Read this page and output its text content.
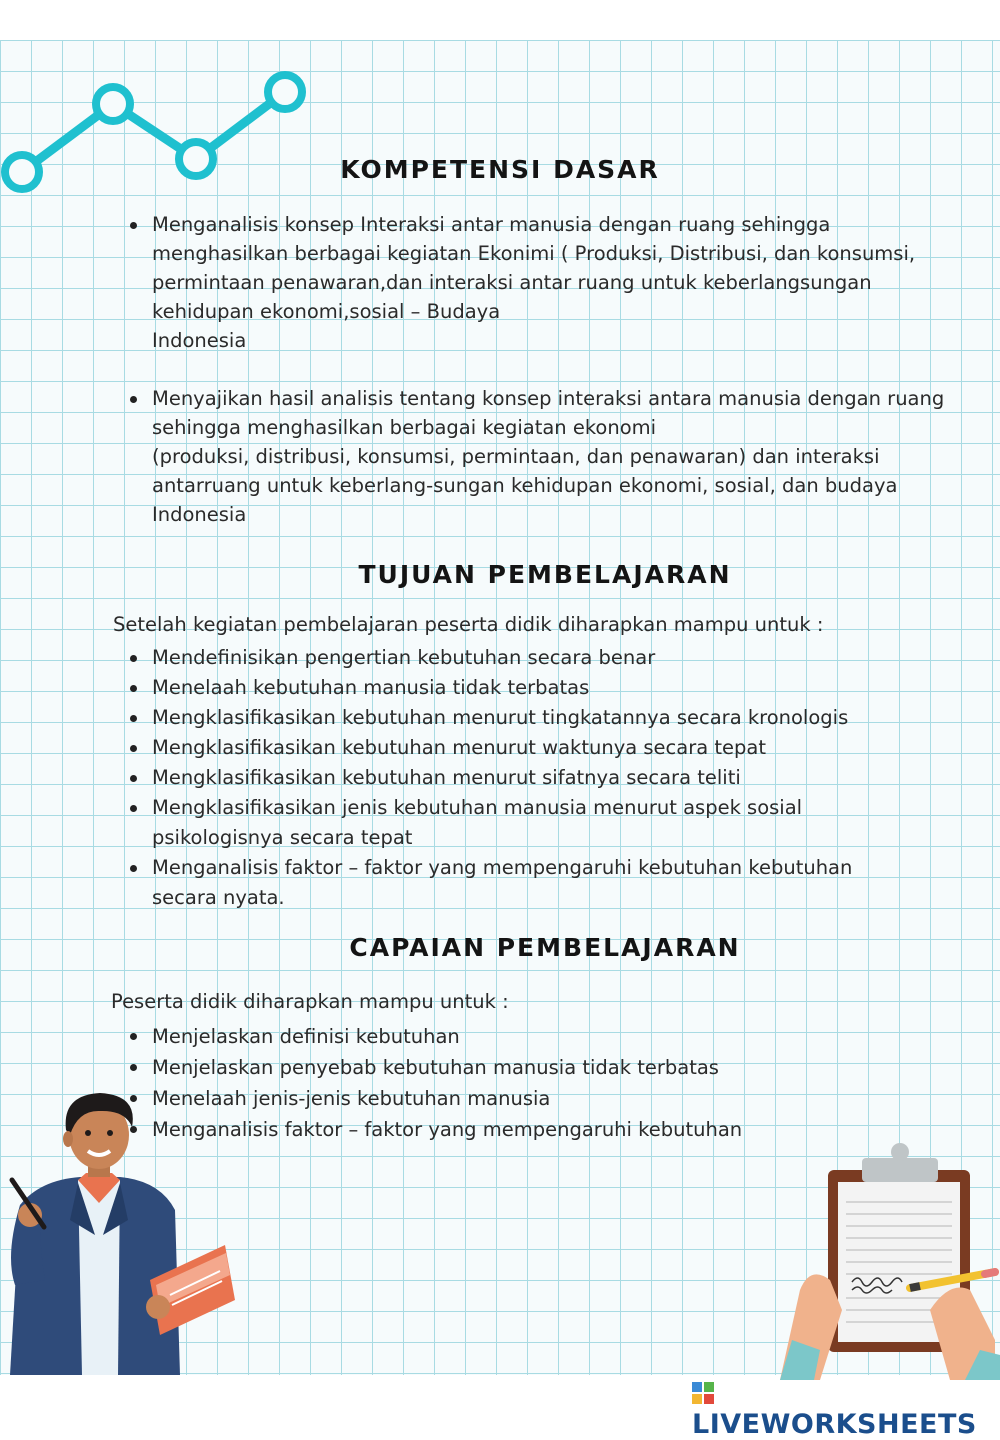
KOMPETENSI DASAR
Menganalisis konsep Interaksi antar manusia dengan ruang sehingga
menghasilkan berbagai kegiatan Ekonimi ( Produksi, Distribusi, dan konsumsi,
permintaan penawaran,dan interaksi antar ruang untuk keberlangsungan
kehidupan ekonomi,sosial – Budaya
Indonesia
Menyajikan hasil analisis tentang konsep interaksi antara manusia dengan ruang
sehingga menghasilkan berbagai kegiatan ekonomi
(produksi, distribusi, konsumsi, permintaan, dan penawaran) dan interaksi
antarruang untuk keberlang-sungan kehidupan ekonomi, sosial, dan budaya
Indonesia
TUJUAN PEMBELAJARAN
Setelah kegiatan pembelajaran peserta didik diharapkan mampu untuk :
Mendefinisikan pengertian kebutuhan secara benar
Menelaah kebutuhan manusia tidak terbatas
Mengklasifikasikan kebutuhan menurut tingkatannya secara kronologis
Mengklasifikasikan kebutuhan menurut waktunya secara tepat
Mengklasifikasikan kebutuhan menurut sifatnya secara teliti
Mengklasifikasikan jenis kebutuhan manusia menurut aspek sosial psikologisnya secara tepat
Menganalisis faktor – faktor yang mempengaruhi kebutuhan kebutuhan secara nyata.
CAPAIAN PEMBELAJARAN
Peserta didik diharapkan mampu untuk :
Menjelaskan definisi kebutuhan
Menjelaskan penyebab kebutuhan manusia tidak terbatas
Menelaah jenis-jenis kebutuhan manusia
Menganalisis faktor – faktor yang mempengaruhi kebutuhan
LIVEWORKSHEETS
